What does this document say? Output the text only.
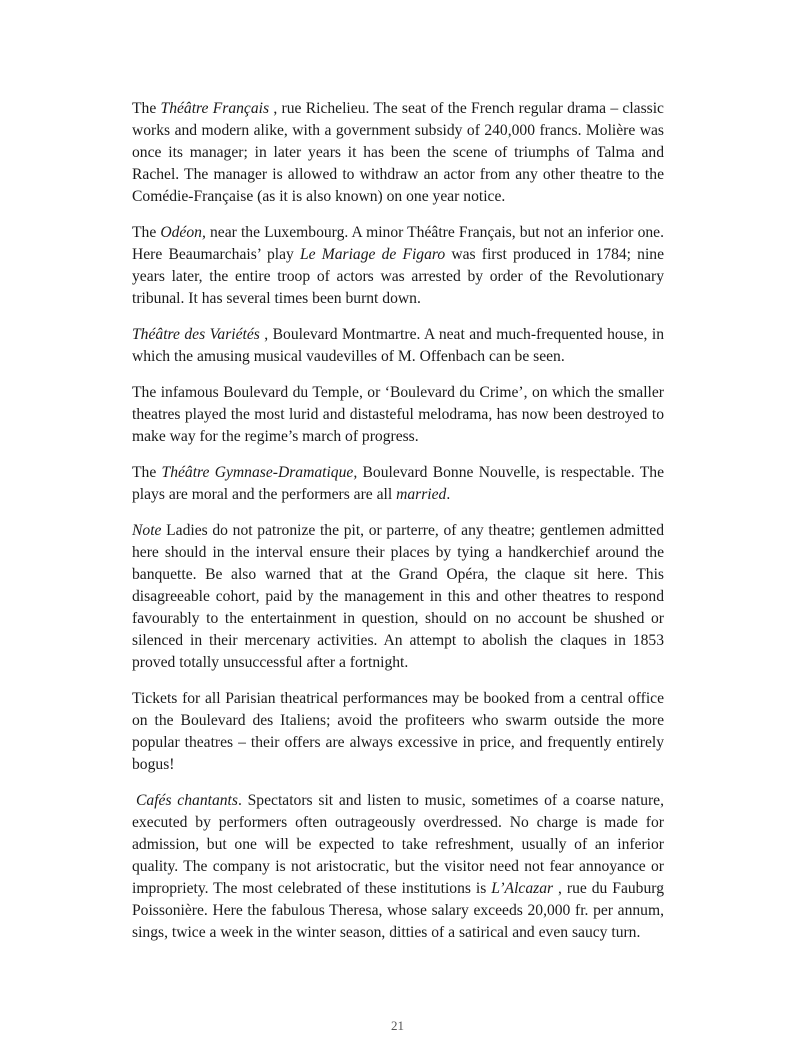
The Théâtre Français , rue Richelieu. The seat of the French regular drama – classic works and modern alike, with a government subsidy of 240,000 francs. Molière was once its manager; in later years it has been the scene of triumphs of Talma and Rachel. The manager is allowed to withdraw an actor from any other theatre to the Comédie-Française (as it is also known) on one year notice.

The Odéon, near the Luxembourg. A minor Théâtre Français, but not an inferior one. Here Beaumarchais’ play Le Mariage de Figaro was first produced in 1784; nine years later, the entire troop of actors was arrested by order of the Revolutionary tribunal. It has several times been burnt down.

Théâtre des Variétés , Boulevard Montmartre. A neat and much-frequented house, in which the amusing musical vaudevilles of M. Offenbach can be seen.

The infamous Boulevard du Temple, or ‘Boulevard du Crime’, on which the smaller theatres played the most lurid and distasteful melodrama, has now been destroyed to make way for the regime’s march of progress.

The Théâtre Gymnase-Dramatique, Boulevard Bonne Nouvelle, is respectable. The plays are moral and the performers are all married.

Note Ladies do not patronize the pit, or parterre, of any theatre; gentlemen admitted here should in the interval ensure their places by tying a handkerchief around the banquette. Be also warned that at the Grand Opéra, the claque sit here. This disagreeable cohort, paid by the management in this and other theatres to respond favourably to the entertainment in question, should on no account be shushed or silenced in their mercenary activities. An attempt to abolish the claques in 1853 proved totally unsuccessful after a fortnight.

Tickets for all Parisian theatrical performances may be booked from a central office on the Boulevard des Italiens; avoid the profiteers who swarm outside the more popular theatres – their offers are always excessive in price, and frequently entirely bogus!

Cafés chantants. Spectators sit and listen to music, sometimes of a coarse nature, executed by performers often outrageously overdressed. No charge is made for admission, but one will be expected to take refreshment, usually of an inferior quality. The company is not aristocratic, but the visitor need not fear annoyance or impropriety. The most celebrated of these institutions is L’Alcazar , rue du Fauburg Poissonière. Here the fabulous Theresa, whose salary exceeds 20,000 fr. per annum, sings, twice a week in the winter season, ditties of a satirical and even saucy turn.

21
